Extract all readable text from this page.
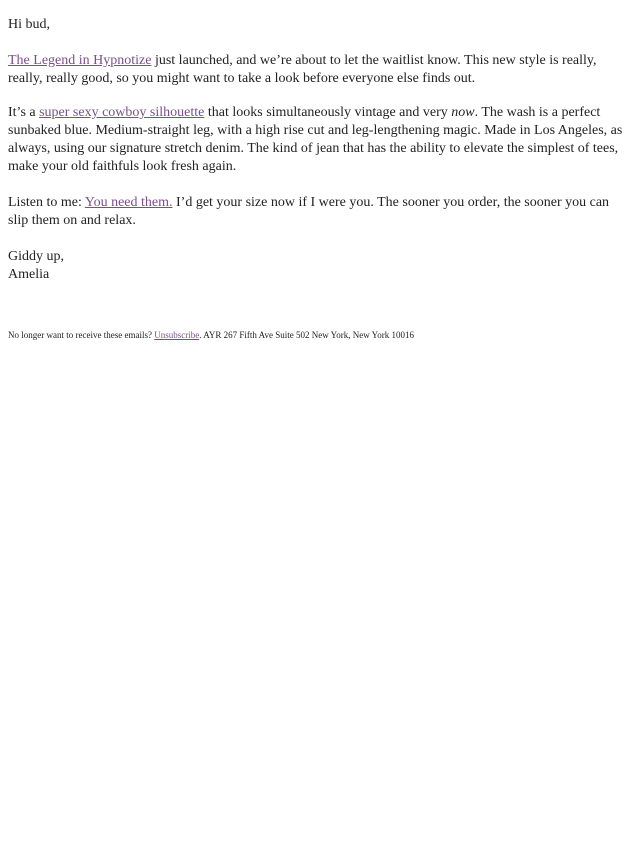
Hi bud,

The Legend in Hypnotize just launched, and we’re about to let the waitlist know. This new style is really, really, really good, so you might want to take a look before everyone else finds out.

It’s a super sexy cowboy silhouette that looks simultaneously vintage and very now. The wash is a perfect sunbaked blue. Medium-straight leg, with a high rise cut and leg-lengthening magic. Made in Los Angeles, as always, using our signature stretch denim. The kind of jean that has the ability to elevate the simplest of tees, make your old faithfuls look fresh again.

Listen to me: You need them. I’d get your size now if I were you. The sooner you order, the sooner you can slip them on and relax.

Giddy up,
Amelia

No longer want to receive these emails? Unsubscribe. AYR 267 Fifth Ave Suite 502 New York, New York 10016
